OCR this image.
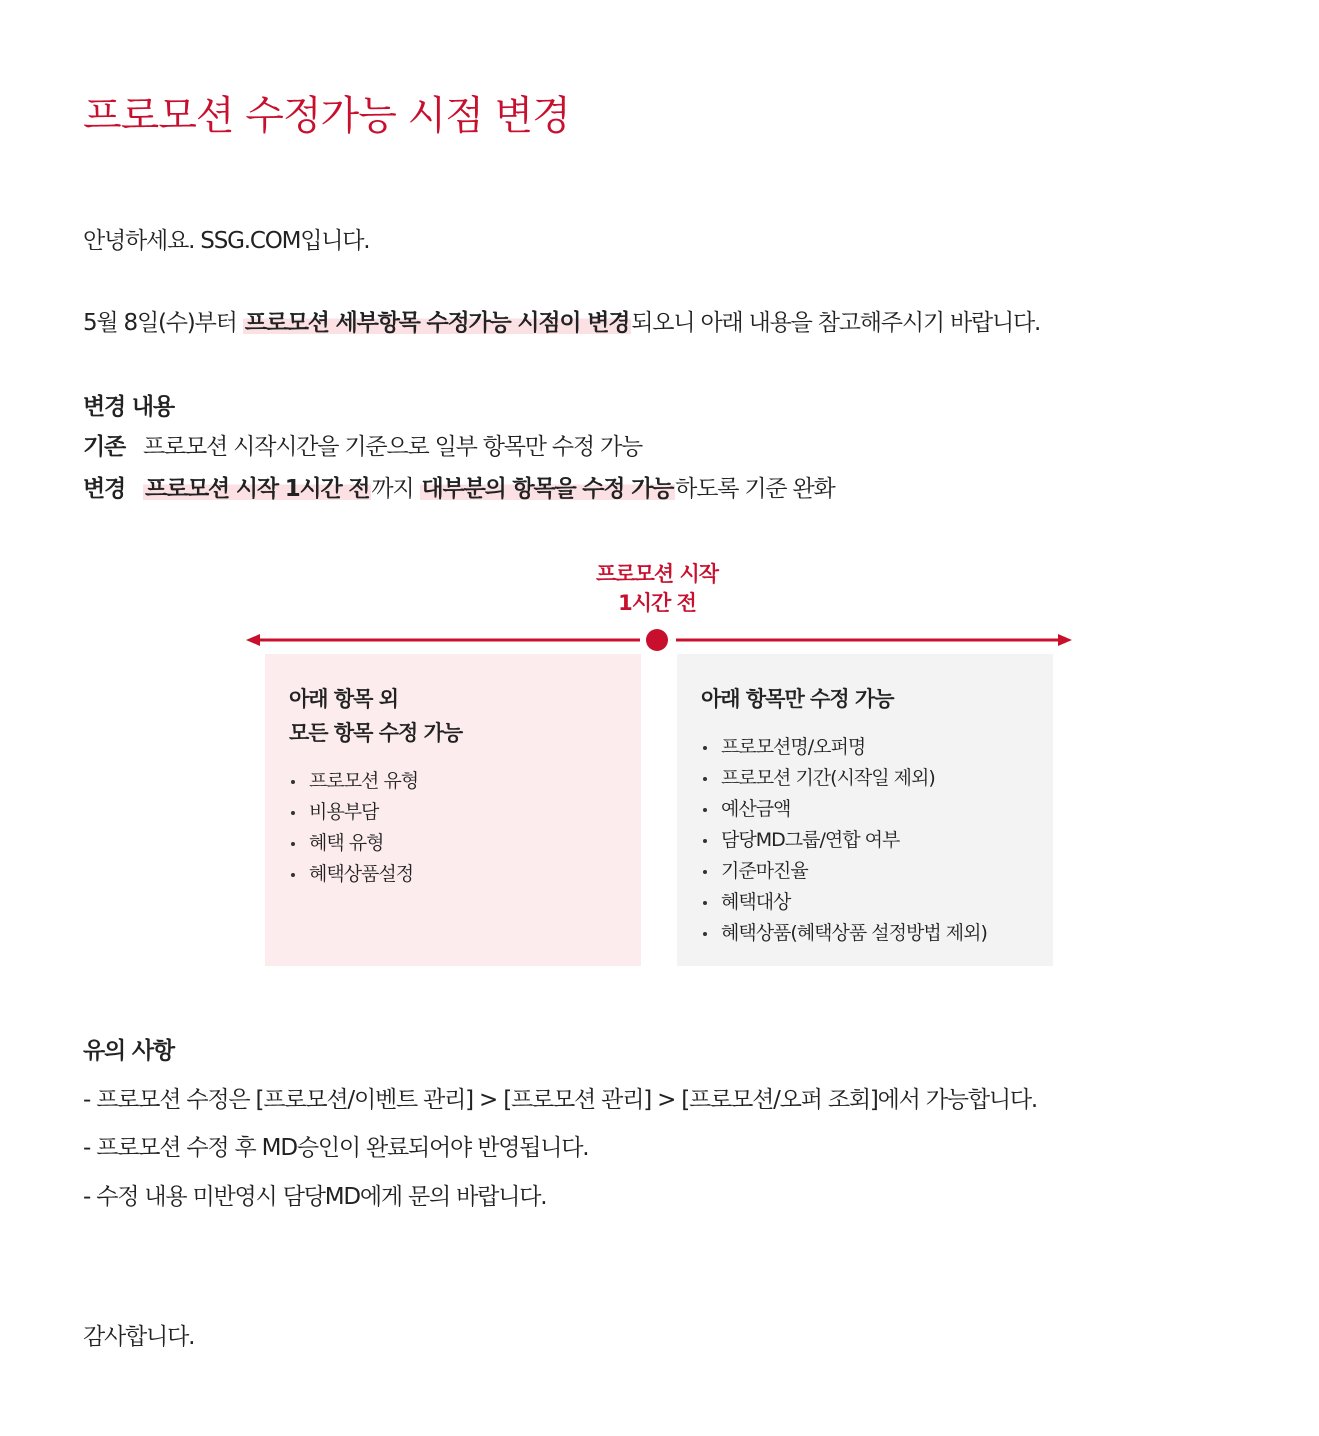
프로모션 수정가능 시점 변경

안녕하세요. SSG.COM입니다.

5월 8일(수)부터 프로모션 세부항목 수정가능 시점이 변경되오니 아래 내용을 참고해주시기 바랍니다.

변경 내용

기존 프로모션 시작시간을 기준으로 일부 항목만 수정 가능

변경 프로모션 시작 1시간 전까지 대부분의 항목을 수정 가능하도록 기준 완화

프로모션 시작
1시간 전
아래 항목 외
모든 항목 수정 가능
프로모션 유형
비용부담
혜택 유형
혜택상품설정
아래 항목만 수정 가능
프로모션명/오퍼명
프로모션 기간(시작일 제외)
예산금액
담당MD그룹/연합 여부
기준마진율
혜택대상
혜택상품(혜택상품 설정방법 제외)

유의 사항

- 프로모션 수정은 [프로모션/이벤트 관리] > [프로모션 관리] > [프로모션/오퍼 조회]에서 가능합니다.

- 프로모션 수정 후 MD승인이 완료되어야 반영됩니다.

- 수정 내용 미반영시 담당MD에게 문의 바랍니다.

감사합니다.
